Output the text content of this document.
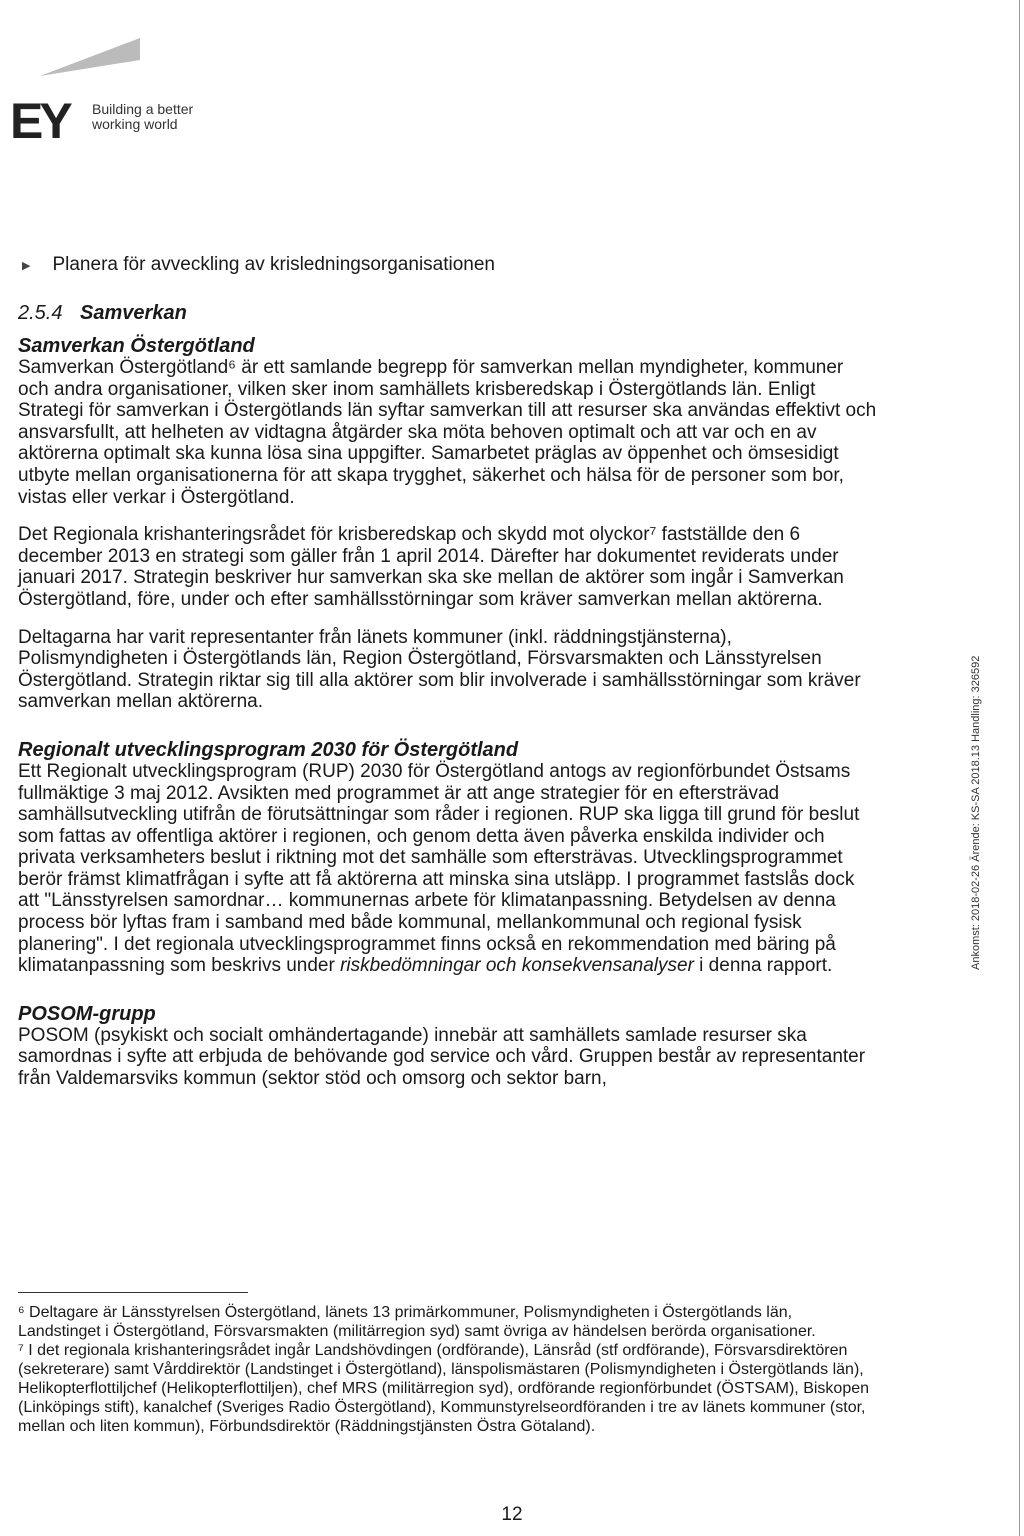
EY Building a better
working world
Ankomst: 2018-02-26 Ärende: KS-SA 2018.13 Handling: 326592
▶ Planera för avveckling av krisledningsorganisationen
2.5.4 Samverkan
Samverkan Östergötland

Samverkan Östergötland⁶ är ett samlande begrepp för samverkan mellan myndigheter, kommuner och andra organisationer, vilken sker inom samhällets krisberedskap i Östergötlands län. Enligt Strategi för samverkan i Östergötlands län syftar samverkan till att resurser ska användas effektivt och ansvarsfullt, att helheten av vidtagna åtgärder ska möta behoven optimalt och att var och en av aktörerna optimalt ska kunna lösa sina uppgifter. Samarbetet präglas av öppenhet och ömsesidigt utbyte mellan organisationerna för att skapa trygghet, säkerhet och hälsa för de personer som bor, vistas eller verkar i Östergötland.

Det Regionala krishanteringsrådet för krisberedskap och skydd mot olyckor⁷ fastställde den 6 december 2013 en strategi som gäller från 1 april 2014. Därefter har dokumentet reviderats under januari 2017. Strategin beskriver hur samverkan ska ske mellan de aktörer som ingår i Samverkan Östergötland, före, under och efter samhällsstörningar som kräver samverkan mellan aktörerna.

Deltagarna har varit representanter från länets kommuner (inkl. räddningstjänsterna), Polismyndigheten i Östergötlands län, Region Östergötland, Försvarsmakten och Länsstyrelsen Östergötland. Strategin riktar sig till alla aktörer som blir involverade i samhällsstörningar som kräver samverkan mellan aktörerna.

Regionalt utvecklingsprogram 2030 för Östergötland

Ett Regionalt utvecklingsprogram (RUP) 2030 för Östergötland antogs av regionförbundet Östsams fullmäktige 3 maj 2012. Avsikten med programmet är att ange strategier för en eftersträvad samhällsutveckling utifrån de förutsättningar som råder i regionen. RUP ska ligga till grund för beslut som fattas av offentliga aktörer i regionen, och genom detta även påverka enskilda individer och privata verksamheters beslut i riktning mot det samhälle som eftersträvas. Utvecklingsprogrammet berör främst klimatfrågan i syfte att få aktörerna att minska sina utsläpp. I programmet fastslås dock att "Länsstyrelsen samordnar… kommunernas arbete för klimatanpassning. Betydelsen av denna process bör lyftas fram i samband med både kommunal, mellankommunal och regional fysisk planering". I det regionala utvecklingsprogrammet finns också en rekommendation med bäring på klimatanpassning som beskrivs under riskbedömningar och konsekvensanalyser i denna rapport.

POSOM-grupp

POSOM (psykiskt och socialt omhändertagande) innebär att samhällets samlade resurser ska samordnas i syfte att erbjuda de behövande god service och vård. Gruppen består av representanter från Valdemarsviks kommun (sektor stöd och omsorg och sektor barn,

⁶ Deltagare är Länsstyrelsen Östergötland, länets 13 primärkommuner, Polismyndigheten i Östergötlands län, Landstinget i Östergötland, Försvarsmakten (militärregion syd) samt övriga av händelsen berörda organisationer.

⁷ I det regionala krishanteringsrådet ingår Landshövdingen (ordförande), Länsråd (stf ordförande), Försvarsdirektören (sekreterare) samt Vårddirektör (Landstinget i Östergötland), länspolismästaren (Polismyndigheten i Östergötlands län), Helikopterflottiljchef (Helikopterflottiljen), chef MRS (militärregion syd), ordförande regionförbundet (ÖSTSAM), Biskopen (Linköpings stift), kanalchef (Sveriges Radio Östergötland), Kommunstyrelseordföranden i tre av länets kommuner (stor, mellan och liten kommun), Förbundsdirektör (Räddningstjänsten Östra Götaland).

12
